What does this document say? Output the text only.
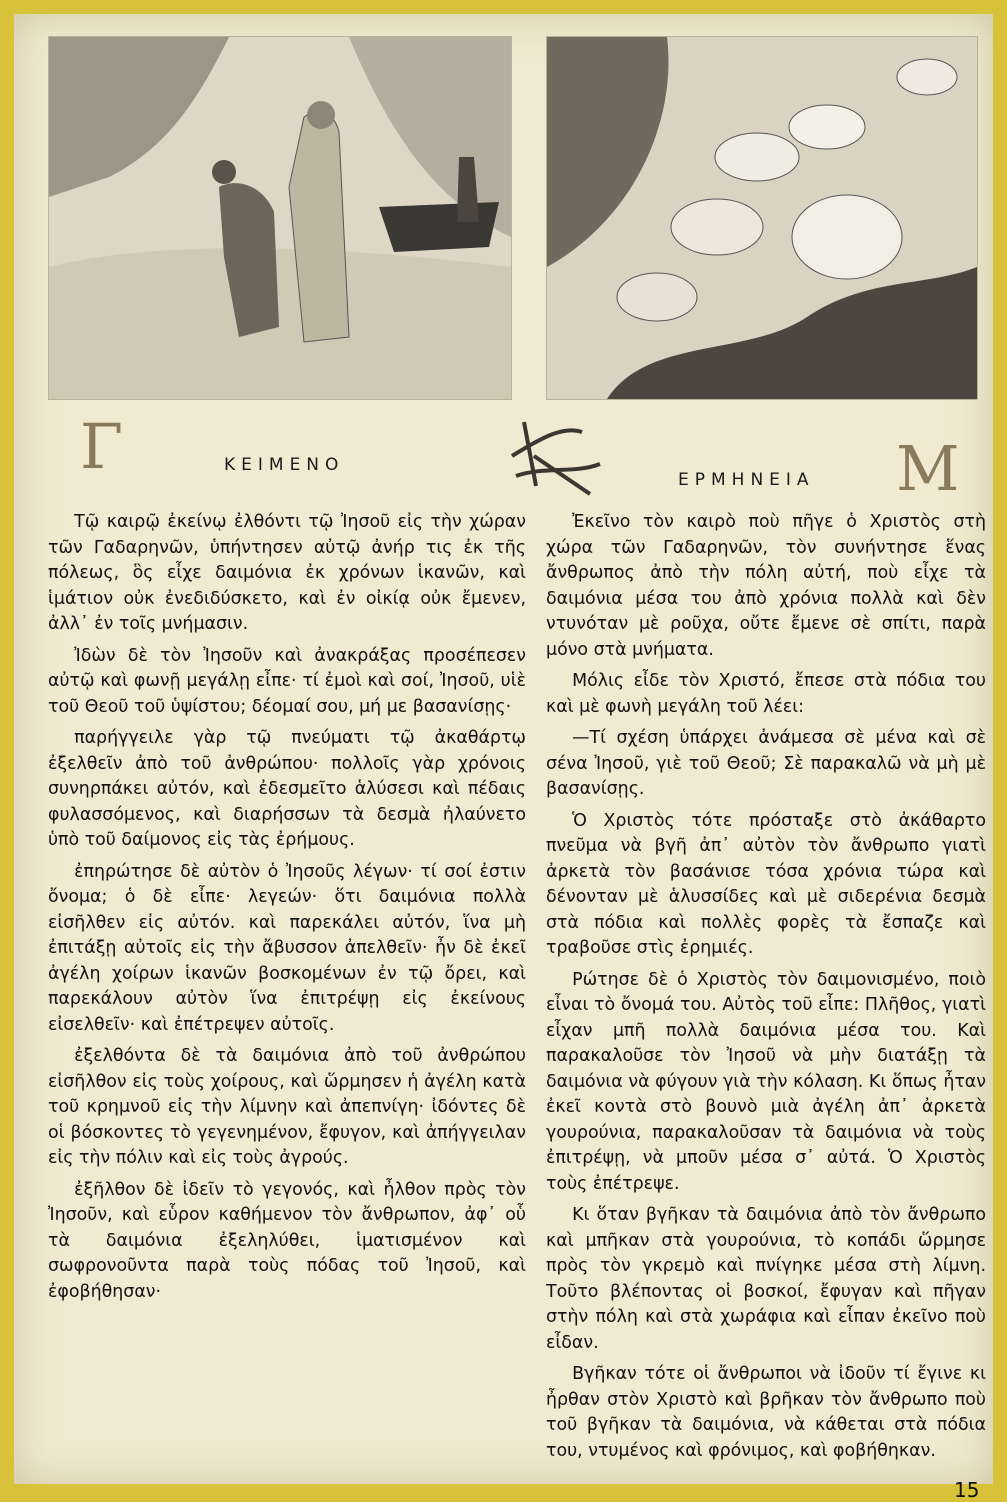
Γ	Μ
ΚΕΙΜΕΝΟ
ΕΡΜΗΝΕΙΑ

Τῷ καιρῷ ἐκείνῳ ἐλθόντι τῷ Ἰησοῦ εἰς τὴν χώραν τῶν Γαδαρηνῶν, ὑπήντησεν αὐτῷ ἀνήρ τις ἐκ τῆς πόλεως, ὃς εἶχε δαιμόνια ἐκ χρόνων ἱκανῶν, καὶ ἱμάτιον οὐκ ἐνεδιδύσκετο, καὶ ἐν οἰκίᾳ οὐκ ἔμενεν, ἀλλ᾽ ἐν τοῖς μνήμασιν.

Ἰδὼν δὲ τὸν Ἰησοῦν καὶ ἀνακράξας προσέπεσεν αὐτῷ καὶ φωνῇ μεγάλῃ εἶπε· τί ἐμοὶ καὶ σοί, Ἰησοῦ, υἱὲ τοῦ Θεοῦ τοῦ ὑψίστου; δέομαί σου, μή με βασανίσῃς·

παρήγγειλε γὰρ τῷ πνεύματι τῷ ἀκαθάρτῳ ἐξελθεῖν ἀπὸ τοῦ ἀνθρώπου· πολλοῖς γὰρ χρόνοις συνηρπάκει αὐτόν, καὶ ἐδεσμεῖτο ἁλύσεσι καὶ πέδαις φυλασσόμενος, καὶ διαρήσσων τὰ δεσμὰ ἠλαύνετο ὑπὸ τοῦ δαίμονος εἰς τὰς ἐρήμους.

ἐπηρώτησε δὲ αὐτὸν ὁ Ἰησοῦς λέγων· τί σοί ἐστιν ὄνομα; ὁ δὲ εἶπε· λεγεών· ὅτι δαιμόνια πολλὰ εἰσῆλθεν εἰς αὐτόν. καὶ παρεκάλει αὐτόν, ἵνα μὴ ἐπιτάξῃ αὐτοῖς εἰς τὴν ἄβυσσον ἀπελθεῖν· ἦν δὲ ἐκεῖ ἀγέλη χοίρων ἱκανῶν βοσκομένων ἐν τῷ ὄρει, καὶ παρεκάλουν αὐτὸν ἵνα ἐπιτρέψῃ εἰς ἐκείνους εἰσελθεῖν· καὶ ἐπέτρεψεν αὐτοῖς.

ἐξελθόντα δὲ τὰ δαιμόνια ἀπὸ τοῦ ἀνθρώπου εἰσῆλθον εἰς τοὺς χοίρους, καὶ ὥρμησεν ἡ ἀγέλη κατὰ τοῦ κρημνοῦ εἰς τὴν λίμνην καὶ ἀπεπνίγη· ἰδόντες δὲ οἱ βόσκοντες τὸ γεγενημένον, ἔφυγον, καὶ ἀπήγγειλαν εἰς τὴν πόλιν καὶ εἰς τοὺς ἀγρούς.

ἐξῆλθον δὲ ἰδεῖν τὸ γεγονός, καὶ ἦλθον πρὸς τὸν Ἰησοῦν, καὶ εὗρον καθήμενον τὸν ἄνθρωπον, ἀφ᾽ οὗ τὰ δαιμόνια ἐξεληλύθει, ἱματισμένον καὶ σωφρονοῦντα παρὰ τοὺς πόδας τοῦ Ἰησοῦ, καὶ ἐφοβήθησαν·

Ἐκεῖνο τὸν καιρὸ ποὺ πῆγε ὁ Χριστὸς στὴ χώρα τῶν Γαδαρηνῶν, τὸν συνήντησε ἕνας ἄνθρωπος ἀπὸ τὴν πόλη αὐτή, ποὺ εἶχε τὰ δαιμόνια μέσα του ἀπὸ χρόνια πολλὰ καὶ δὲν ντυνόταν μὲ ροῦχα, οὔτε ἔμενε σὲ σπίτι, παρὰ μόνο στὰ μνήματα.

Μόλις εἶδε τὸν Χριστό, ἔπεσε στὰ πόδια του καὶ μὲ φωνὴ μεγάλη τοῦ λέει:

—Τί σχέση ὑπάρχει ἀνάμεσα σὲ μένα καὶ σὲ σένα Ἰησοῦ, γιὲ τοῦ Θεοῦ; Σὲ παρακαλῶ νὰ μὴ μὲ βασανίσῃς.

Ὁ Χριστὸς τότε πρόσταξε στὸ ἀκάθαρτο πνεῦμα νὰ βγῆ ἀπ᾽ αὐτὸν τὸν ἄνθρωπο γιατὶ ἀρκετὰ τὸν βασάνισε τόσα χρόνια τώρα καὶ δένονταν μὲ ἁλυσσίδες καὶ μὲ σιδερένια δεσμὰ στὰ πόδια καὶ πολλὲς φορὲς τὰ ἔσπαζε καὶ τραβοῦσε στὶς ἐρημιές.

Ρώτησε δὲ ὁ Χριστὸς τὸν δαιμονισμένο, ποιὸ εἶναι τὸ ὄνομά του. Αὐτὸς τοῦ εἶπε: Πλῆθος, γιατὶ εἶχαν μπῆ πολλὰ δαιμόνια μέσα του. Καὶ παρακαλοῦσε τὸν Ἰησοῦ νὰ μὴν διατάξῃ τὰ δαιμόνια νὰ φύγουν γιὰ τὴν κόλαση. Κι ὅπως ἦταν ἐκεῖ κοντὰ στὸ βουνὸ μιὰ ἀγέλη ἀπ᾽ ἀρκετὰ γουρούνια, παρακαλοῦσαν τὰ δαιμόνια νὰ τοὺς ἐπιτρέψῃ, νὰ μποῦν μέσα σ᾽ αὐτά. Ὁ Χριστὸς τοὺς ἐπέτρεψε.

Κι ὅταν βγῆκαν τὰ δαιμόνια ἀπὸ τὸν ἄνθρωπο καὶ μπῆκαν στὰ γουρούνια, τὸ κοπάδι ὥρμησε πρὸς τὸν γκρεμὸ καὶ πνίγηκε μέσα στὴ λίμνη. Τοῦτο βλέποντας οἱ βοσκοί, ἔφυγαν καὶ πῆγαν στὴν πόλη καὶ στὰ χωράφια καὶ εἶπαν ἐκεῖνο ποὺ εἶδαν.

Βγῆκαν τότε οἱ ἄνθρωποι νὰ ἰδοῦν τί ἔγινε κι ἦρθαν στὸν Χριστὸ καὶ βρῆκαν τὸν ἄνθρωπο ποὺ τοῦ βγῆκαν τὰ δαιμόνια, νὰ κάθεται στὰ πόδια του, ντυμένος καὶ φρόνιμος, καὶ φοβήθηκαν.

15
